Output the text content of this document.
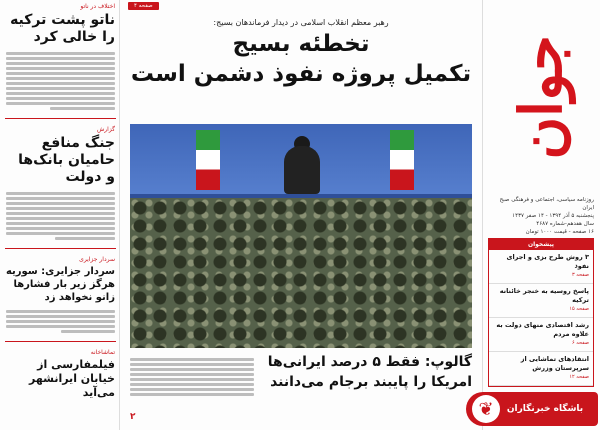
جوان
روزنامه سیاسی، اجتماعی و فرهنگی صبح ایران
پنجشنبه ۵ آذر ۱۳۹۴ - ۱۴ صفر ۱۴۳۷
سال هفدهم-شماره ۴۶۸۷
۱۶ صفحه - قیمت ۱۰۰۰ تومان
پیشخوان
۳ روش طرح بزی و اجرای نفوذ
صفحه ۳
پاسخ روسیه به خنجر خائنانه ترکیه
صفحه ۱۵
رشد اقتصادی منهای دولت به علاوه مردم
صفحه ۶
انتقادهای تماشایی از سرپرستان وزرش
صفحه ۱۲
اختلاف در ناتو
ناتو پشت ترکیه را خالی کرد
گزارش
جنگ منافع حامیان بانک‌ها و دولت
سردار جزایری
سردار جزایری: سوریه هرگز زیر بار فشارها زانو نخواهد زد
تماشاخانه
فیلمفارسی از خیابان ایرانشهر می‌آید
صفحه ۴
رهبر معظم انقلاب اسلامی در دیدار فرماندهان بسیج:
تخطئه بسیج
تکمیل پروژه نفوذ دشمن است
گالوپ: فقط ۵ درصد ایرانی‌ها امریکا را پایبند برجام می‌دانند
۲
باشگاه خبرنگاران
❦
